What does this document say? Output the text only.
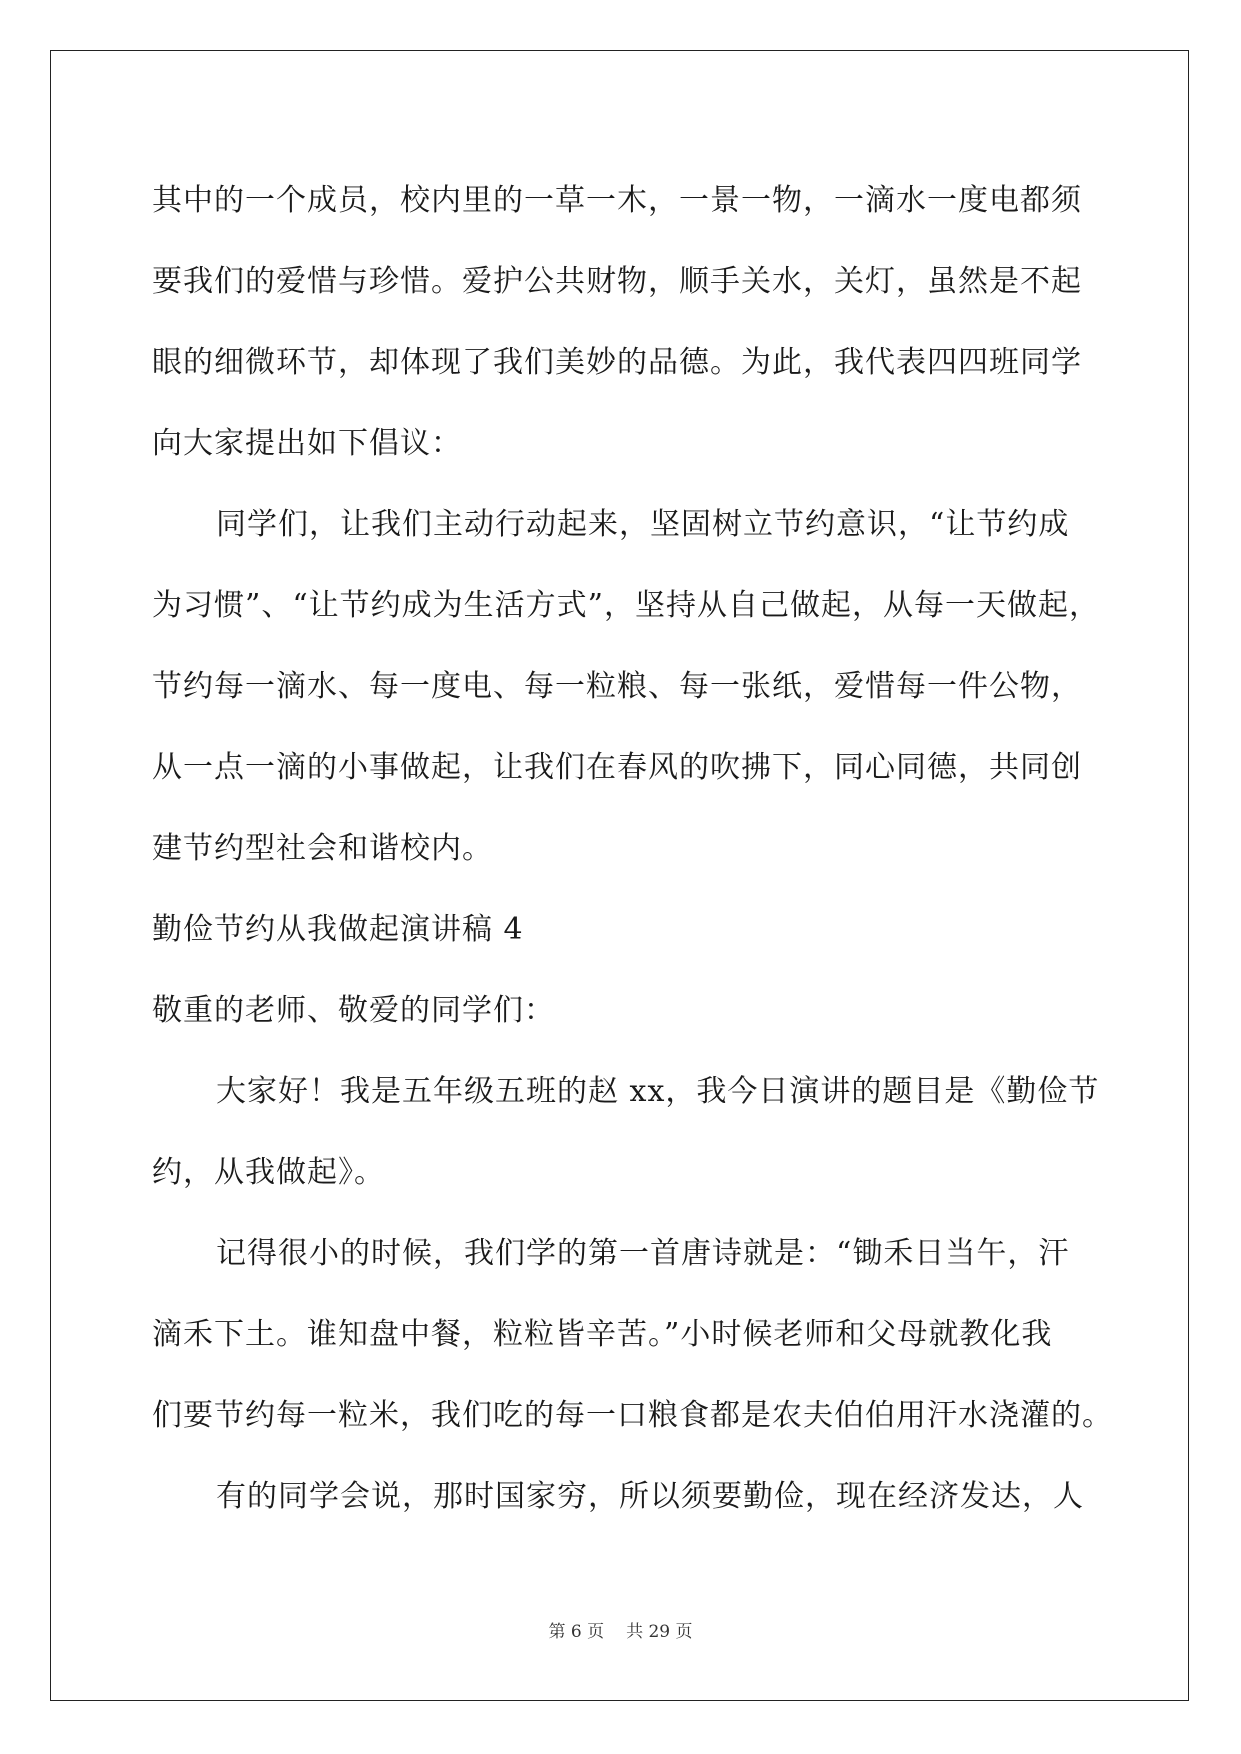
其中的一个成员，校内里的一草一木，一景一物，一滴水一度电都须
要我们的爱惜与珍惜。爱护公共财物，顺手关水，关灯，虽然是不起
眼的细微环节，却体现了我们美妙的品德。为此，我代表四四班同学
向大家提出如下倡议：
同学们，让我们主动行动起来，坚固树立节约意识，“让节约成
为习惯”、“让节约成为生活方式”，坚持从自己做起，从每一天做起，
节约每一滴水、每一度电、每一粒粮、每一张纸，爱惜每一件公物，
从一点一滴的小事做起，让我们在春风的吹拂下，同心同德，共同创
建节约型社会和谐校内。
勤俭节约从我做起演讲稿 4
敬重的老师、敬爱的同学们：
大家好！我是五年级五班的赵 xx，我今日演讲的题目是《勤俭节
约，从我做起》。
记得很小的时候，我们学的第一首唐诗就是：“锄禾日当午，汗
滴禾下土。谁知盘中餐，粒粒皆辛苦。”小时候老师和父母就教化我
们要节约每一粒米，我们吃的每一口粮食都是农夫伯伯用汗水浇灌的。
有的同学会说，那时国家穷，所以须要勤俭，现在经济发达，人
第 6 页 共 29 页
